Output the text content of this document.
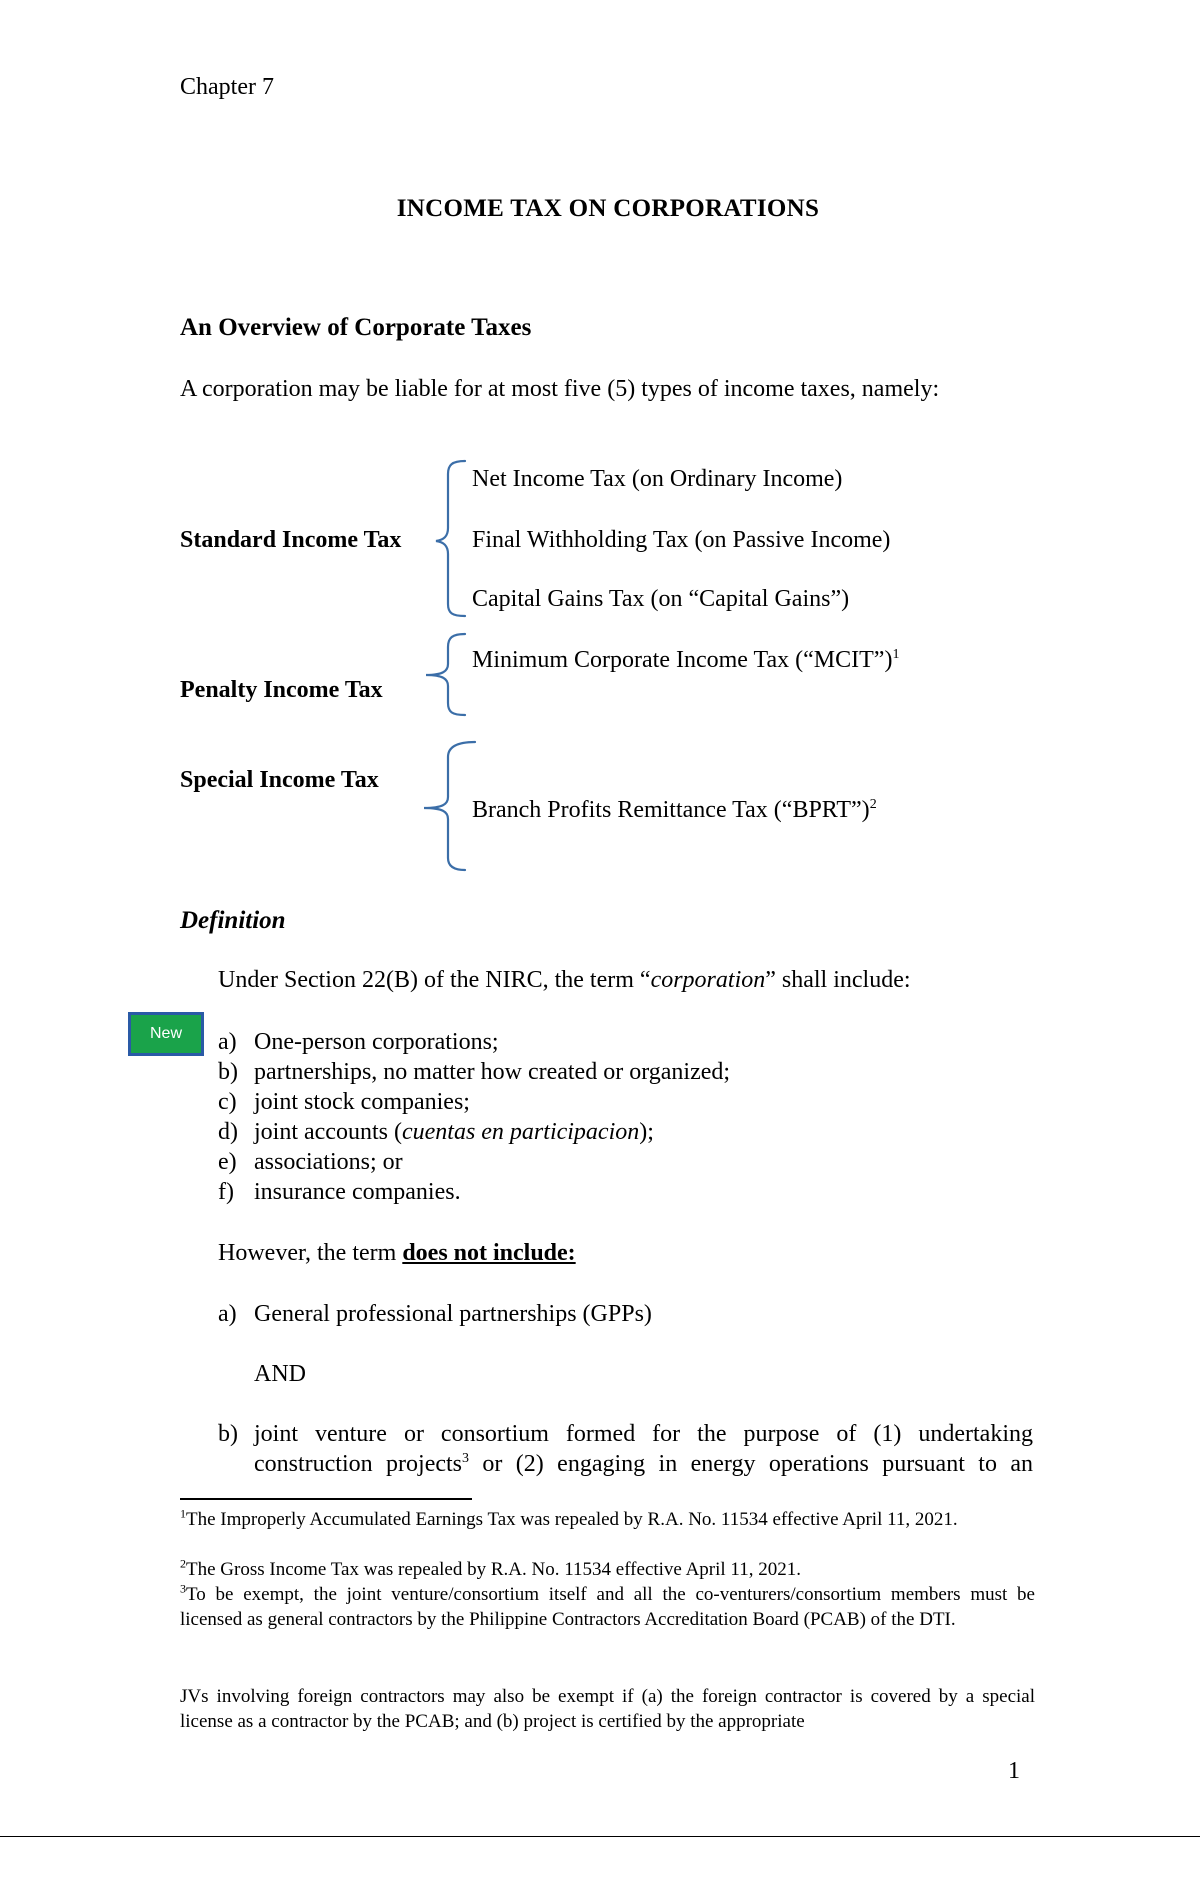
Chapter 7
INCOME TAX ON CORPORATIONS
An Overview of Corporate Taxes
A corporation may be liable for at most five (5) types of income taxes, namely:
Standard Income Tax
Net Income Tax (on Ordinary Income)
Final Withholding Tax (on Passive Income)
Capital Gains Tax (on “Capital Gains”)
Penalty Income Tax
Minimum Corporate Income Tax (“MCIT”)$^1$
Special Income Tax
Branch Profits Remittance Tax (“BPRT”)$^2$
Definition
Under Section 22(B) of the NIRC, the term “corporation” shall include:
New	a) One-person corporations;
b) partnerships, no matter how created or organized;
c) joint stock companies;
d) joint accounts (cuentas en participacion);
e) associations; or
f) insurance companies.
However, the term does not include:
a) General professional partnerships (GPPs)
AND
b) joint venture or consortium formed for the purpose of (1) undertaking
construction projects$^3$ or (2) engaging in energy operations pursuant to an
$^1$The Improperly Accumulated Earnings Tax was repealed by R.A. No. 11534 effective April 11, 2021.
$^2$The Gross Income Tax was repealed by R.A. No. 11534 effective April 11, 2021.
$^3$To be exempt, the joint venture/consortium itself and all the co-venturers/consortium members must be licensed as general contractors by the Philippine Contractors Accreditation Board (PCAB) of the DTI.
JVs involving foreign contractors may also be exempt if (a) the foreign contractor is covered by a special license as a contractor by the PCAB; and (b) project is certified by the appropriate
1
